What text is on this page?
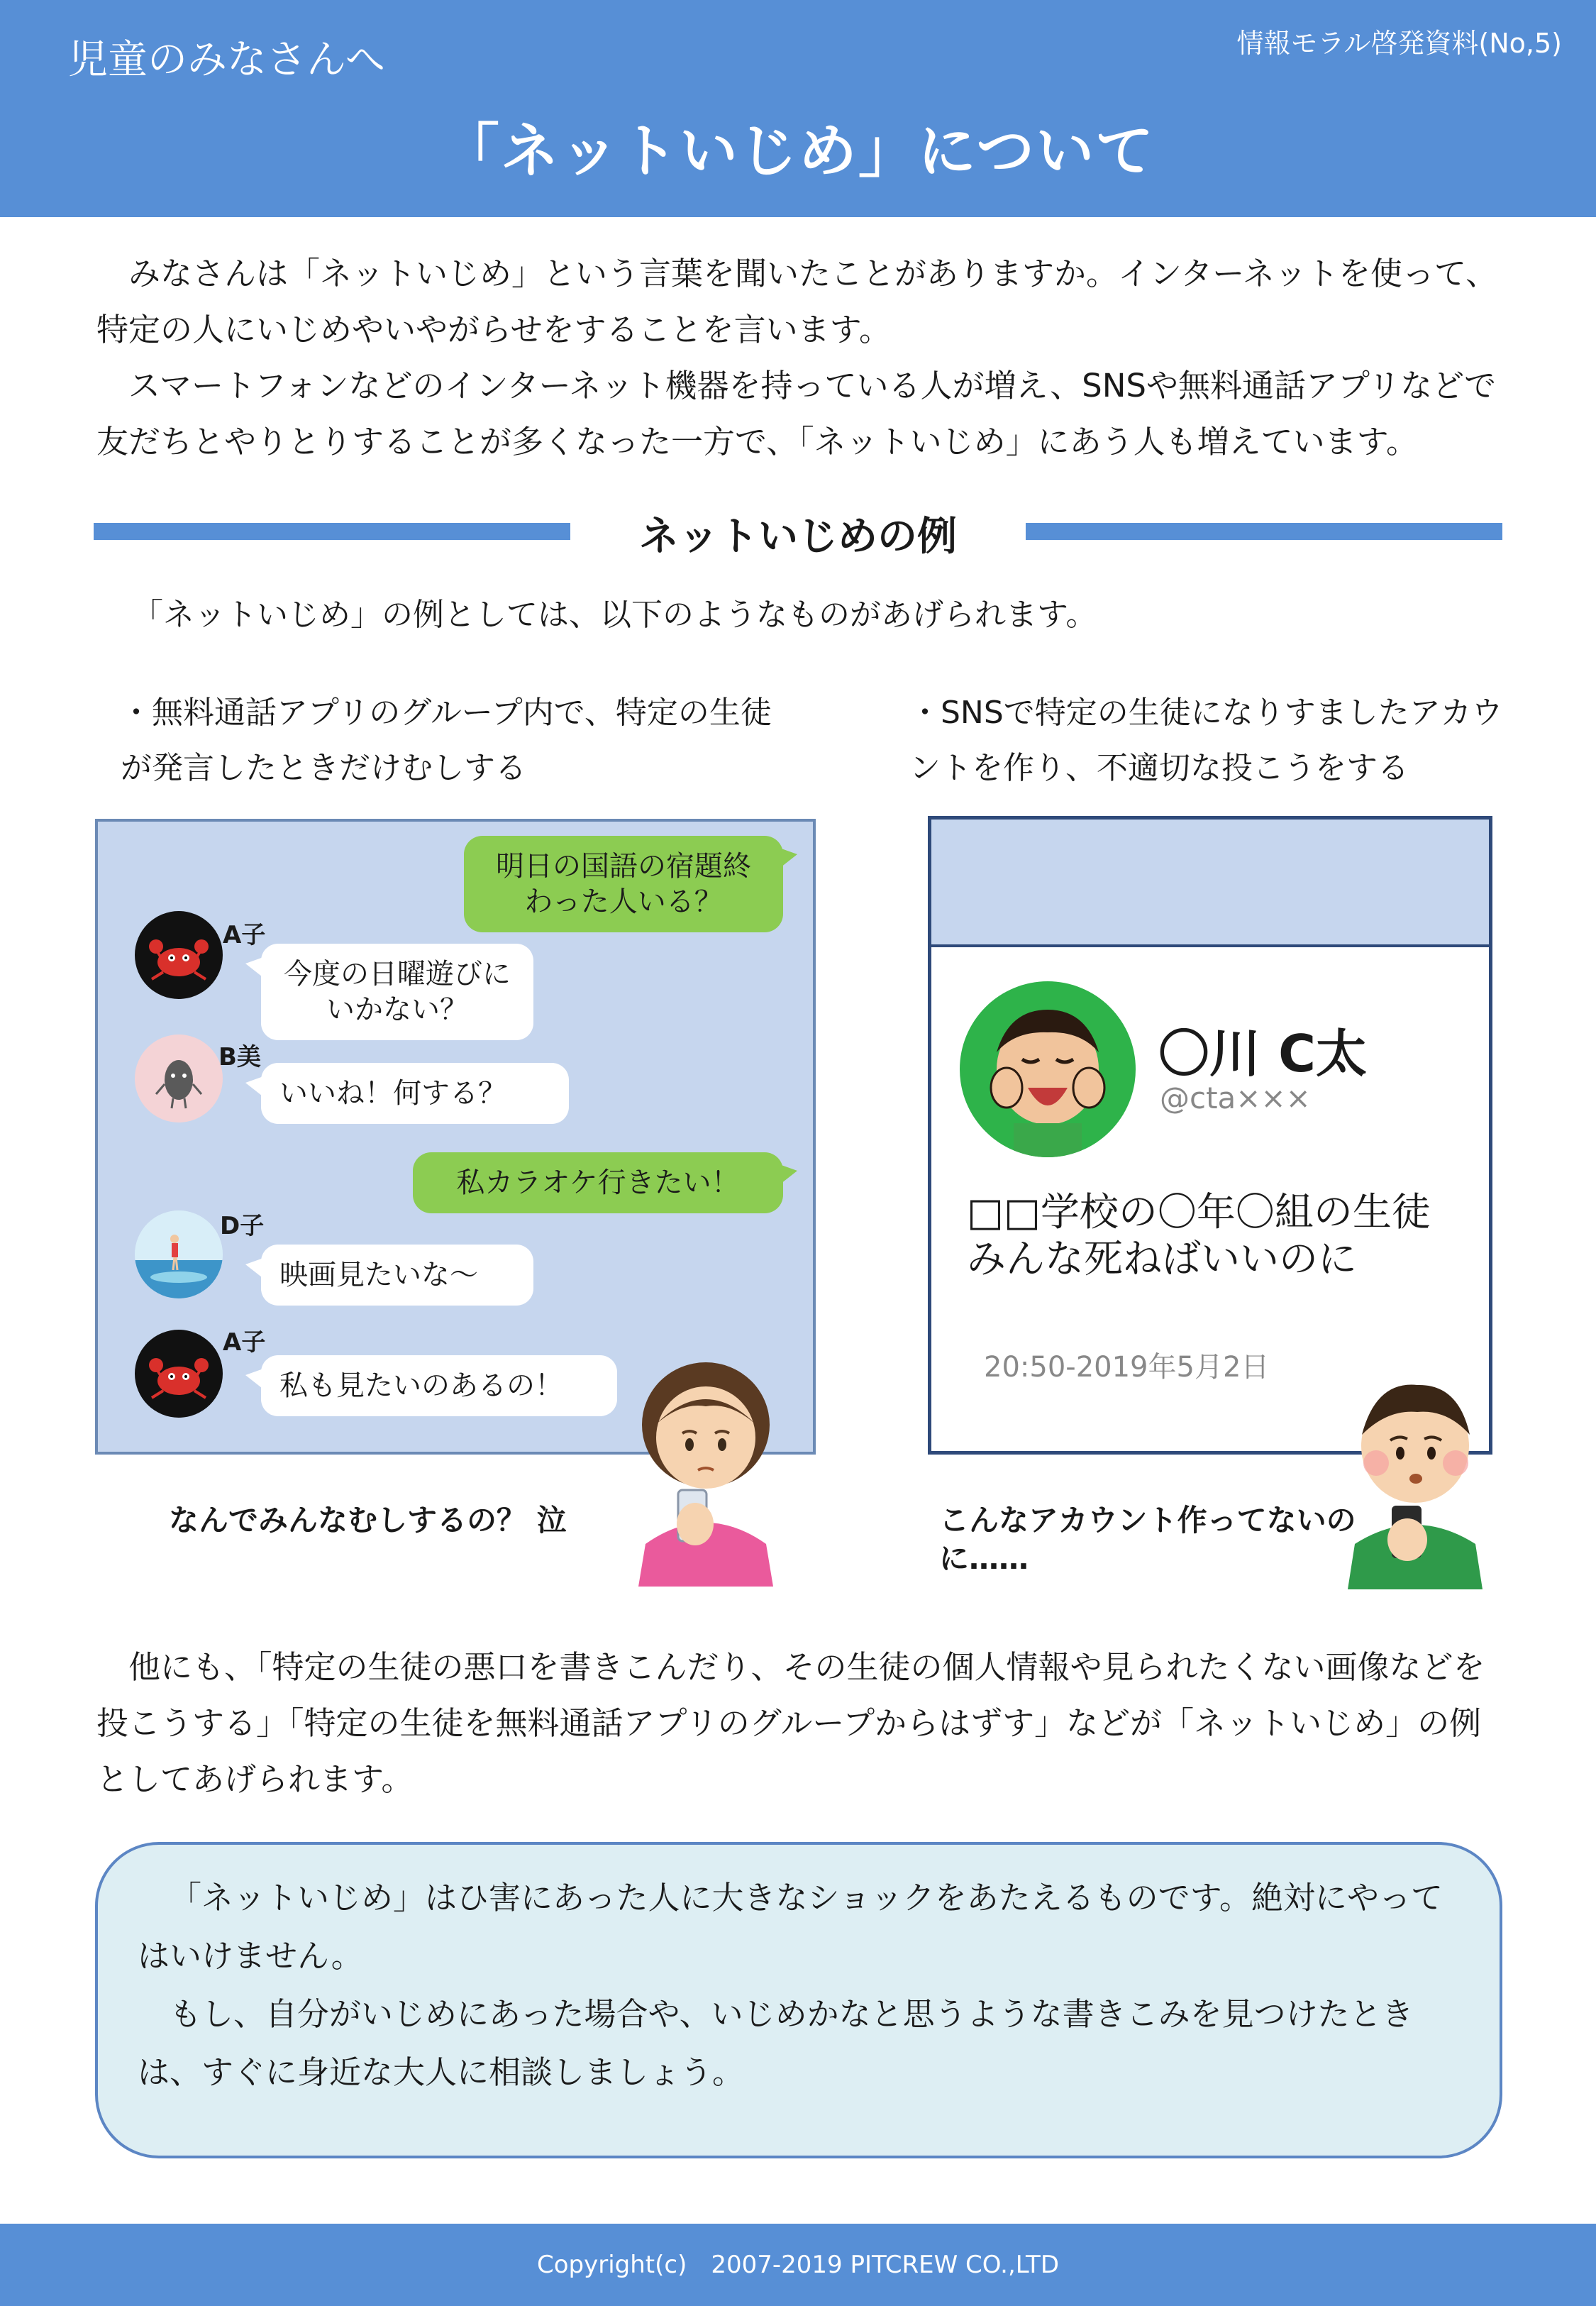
児童のみなさんへ	情報モラル啓発資料(No,5)
「ネットいじめ」について

みなさんは「ネットいじめ」という言葉を聞いたことがありますか。インターネットを使って、特定の人にいじめやいやがらせをすることを言います。

スマートフォンなどのインターネット機器を持っている人が増え、SNSや無料通話アプリなどで友だちとやりとりすることが多くなった一方で、「ネットいじめ」にあう人も増えています。

ネットいじめの例
「ネットいじめ」の例としては、以下のようなものがあげられます。
・無料通話アプリのグループ内で、特定の生徒が発言したときだけむしする
・SNSで特定の生徒になりすましたアカウントを作り、不適切な投こうをする
明日の国語の宿題終わった人いる？
A子
今度の日曜遊びにいかない？
B美
いいね！何する？
私カラオケ行きたい！
D子
映画見たいな～
A子
私も見たいのあるの！
なんでみんなむしするの？ 泣
〇川 C太
@cta×××
□□学校の〇年〇組の生徒みんな死ねばいいのに
20:50-2019年5月2日
こんなアカウント作ってないのに……

他にも、「特定の生徒の悪口を書きこんだり、その生徒の個人情報や見られたくない画像などを投こうする」「特定の生徒を無料通話アプリのグループからはずす」などが「ネットいじめ」の例としてあげられます。

「ネットいじめ」はひ害にあった人に大きなショックをあたえるものです。絶対にやってはいけません。

もし、自分がいじめにあった場合や、いじめかなと思うような書きこみを見つけたときは、すぐに身近な大人に相談しましょう。

Copyright(c)　2007-2019 PITCREW CO.,LTD
